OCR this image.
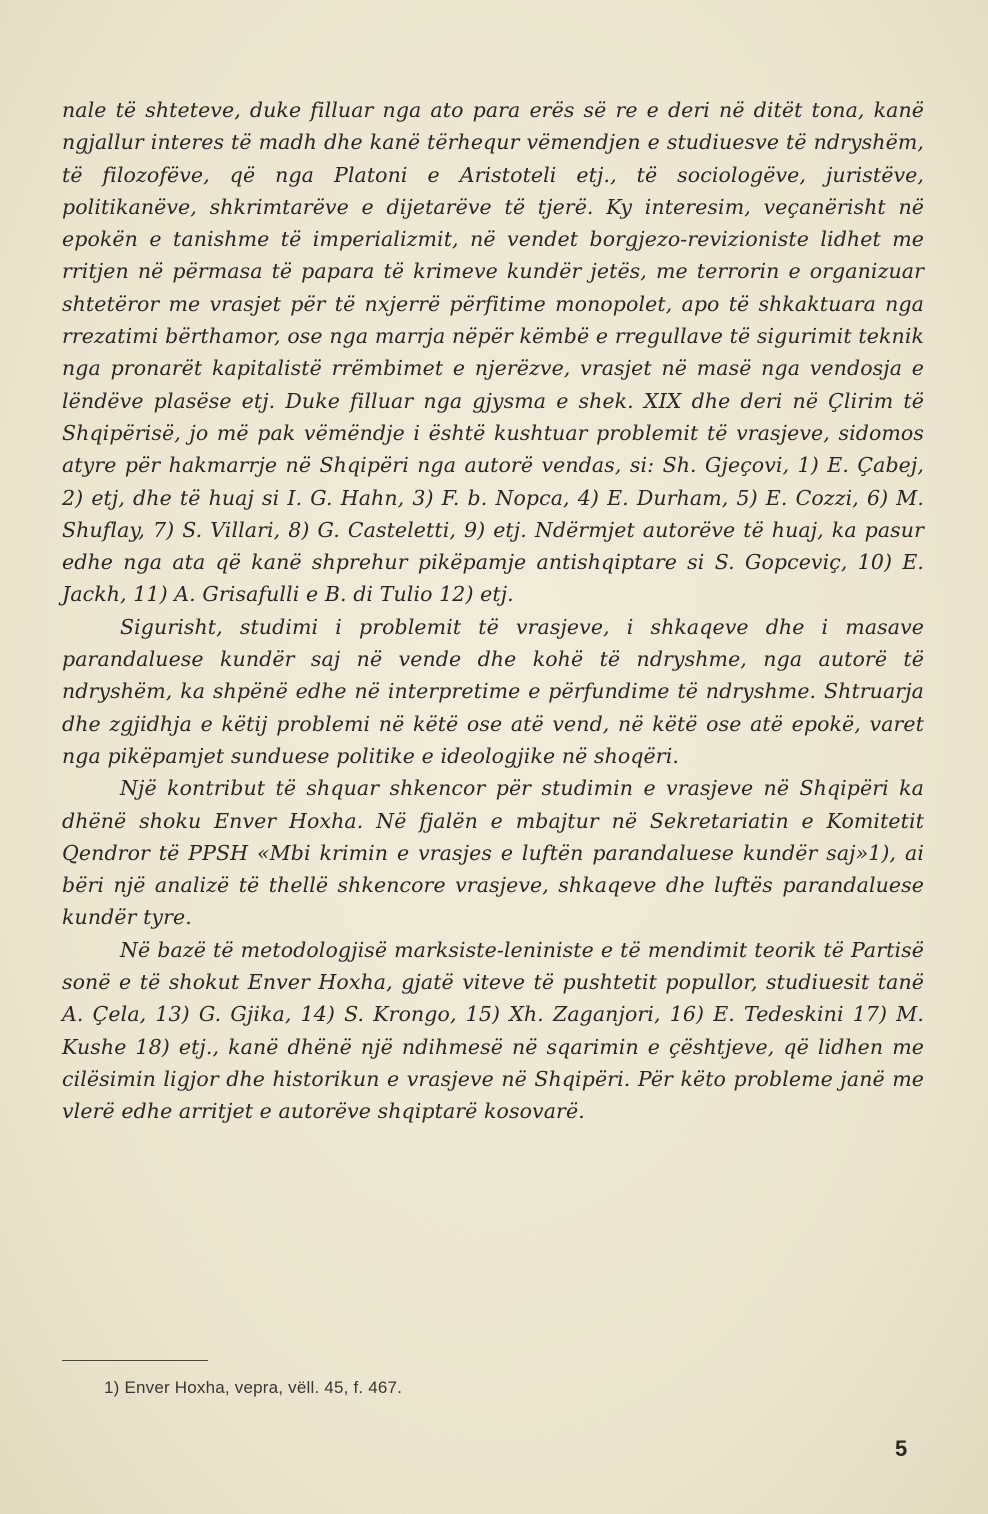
nale të shteteve, duke filluar nga ato para erës së re e deri në ditët tona, kanë ngjallur interes të madh dhe kanë tërhequr vëmendjen e studiuesve të ndryshëm, të filozofëve, që nga Platoni e Aristoteli etj., të sociologëve, juristëve, politikanëve, shkrimtarëve e dijetarëve të tjerë. Ky interesim, veçanërisht në epokën e tanishme të imperializmit, në vendet borgjezo-revizioniste lidhet me rritjen në përmasa të papara të krimeve kundër jetës, me terrorin e organizuar shtetëror me vrasjet për të nxjerrë përfitime monopolet, apo të shkaktuara nga rrezatimi bërthamor, ose nga marrja nëpër këmbë e rregullave të sigurimit teknik nga pronarët kapitalistë rrëmbimet e njerëzve, vrasjet në masë nga vendosja e lëndëve plasëse etj. Duke filluar nga gjysma e shek. XIX dhe deri në Çlirim të Shqipërisë, jo më pak vëmëndje i është kushtuar problemit të vrasjeve, sidomos atyre për hakmarrje në Shqipëri nga autorë vendas, si: Sh. Gjeçovi, 1) E. Çabej, 2) etj, dhe të huaj si I. G. Hahn, 3) F. b. Nopca, 4) E. Durham, 5) E. Cozzi, 6) M. Shuflay, 7) S. Villari, 8) G. Casteletti, 9) etj. Ndërmjet autorëve të huaj, ka pasur edhe nga ata që kanë shprehur pikëpamje antishqiptare si S. Gopceviç, 10) E. Jackh, 11) A. Grisafulli e B. di Tulio 12) etj.

Sigurisht, studimi i problemit të vrasjeve, i shkaqeve dhe i masave parandaluese kundër saj në vende dhe kohë të ndryshme, nga autorë të ndryshëm, ka shpënë edhe në interpretime e përfundime të ndryshme. Shtruarja dhe zgjidhja e këtij problemi në këtë ose atë vend, në këtë ose atë epokë, varet nga pikëpamjet sunduese politike e ideologjike në shoqëri.

Një kontribut të shquar shkencor për studimin e vrasjeve në Shqipëri ka dhënë shoku Enver Hoxha. Në fjalën e mbajtur në Sekretariatin e Komitetit Qendror të PPSH «Mbi krimin e vrasjes e luftën parandaluese kundër saj»1), ai bëri një analizë të thellë shkencore vrasjeve, shkaqeve dhe luftës parandaluese kundër tyre.

Në bazë të metodologjisë marksiste-leniniste e të mendimit teorik të Partisë sonë e të shokut Enver Hoxha, gjatë viteve të pushtetit popullor, studiuesit tanë A. Çela, 13) G. Gjika, 14) S. Krongo, 15) Xh. Zaganjori, 16) E. Tedeskini 17) M. Kushe 18) etj., kanë dhënë një ndihmesë në sqarimin e çështjeve, që lidhen me cilësimin ligjor dhe historikun e vrasjeve në Shqipëri. Për këto probleme janë me vlerë edhe arritjet e autorëve shqiptarë kosovarë.

1) Enver Hoxha, vepra, vëll. 45, f. 467.
5
